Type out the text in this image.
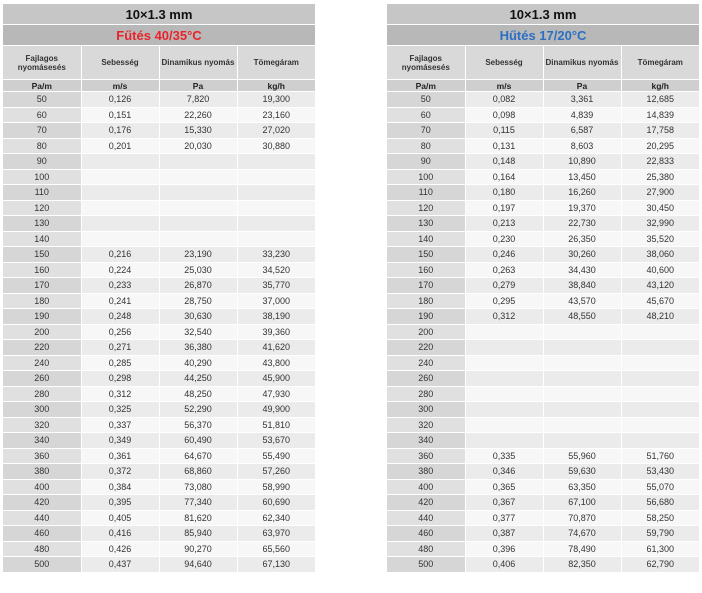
10×1.3 mm			
Fűtés 40/35°C			
Fajlagos nyomásesés	Sebesség	Dinamikus nyomás	Tömegáram
Pa/m	m/s	Pa	kg/h
50	0,126	7,820	19,300
60	0,151	22,260	23,160
70	0,176	15,330	27,020
80	0,201	20,030	30,880
90			
100			
110			
120			
130			
140			
150	0,216	23,190	33,230
160	0,224	25,030	34,520
170	0,233	26,870	35,770
180	0,241	28,750	37,000
190	0,248	30,630	38,190
200	0,256	32,540	39,360
220	0,271	36,380	41,620
240	0,285	40,290	43,800
260	0,298	44,250	45,900
280	0,312	48,250	47,930
300	0,325	52,290	49,900
320	0,337	56,370	51,810
340	0,349	60,490	53,670
360	0,361	64,670	55,490
380	0,372	68,860	57,260
400	0,384	73,080	58,990
420	0,395	77,340	60,690
440	0,405	81,620	62,340
460	0,416	85,940	63,970
480	0,426	90,270	65,560
500	0,437	94,640	67,130
10×1.3 mm			
Hűtés 17/20°C			
Fajlagos nyomásesés	Sebesség	Dinamikus nyomás	Tömegáram
Pa/m	m/s	Pa	kg/h
50	0,082	3,361	12,685
60	0,098	4,839	14,839
70	0,115	6,587	17,758
80	0,131	8,603	20,295
90	0,148	10,890	22,833
100	0,164	13,450	25,380
110	0,180	16,260	27,900
120	0,197	19,370	30,450
130	0,213	22,730	32,990
140	0,230	26,350	35,520
150	0,246	30,260	38,060
160	0,263	34,430	40,600
170	0,279	38,840	43,120
180	0,295	43,570	45,670
190	0,312	48,550	48,210
200			
220			
240			
260			
280			
300			
320			
340			
360	0,335	55,960	51,760
380	0,346	59,630	53,430
400	0,365	63,350	55,070
420	0,367	67,100	56,680
440	0,377	70,870	58,250
460	0,387	74,670	59,790
480	0,396	78,490	61,300
500	0,406	82,350	62,790
